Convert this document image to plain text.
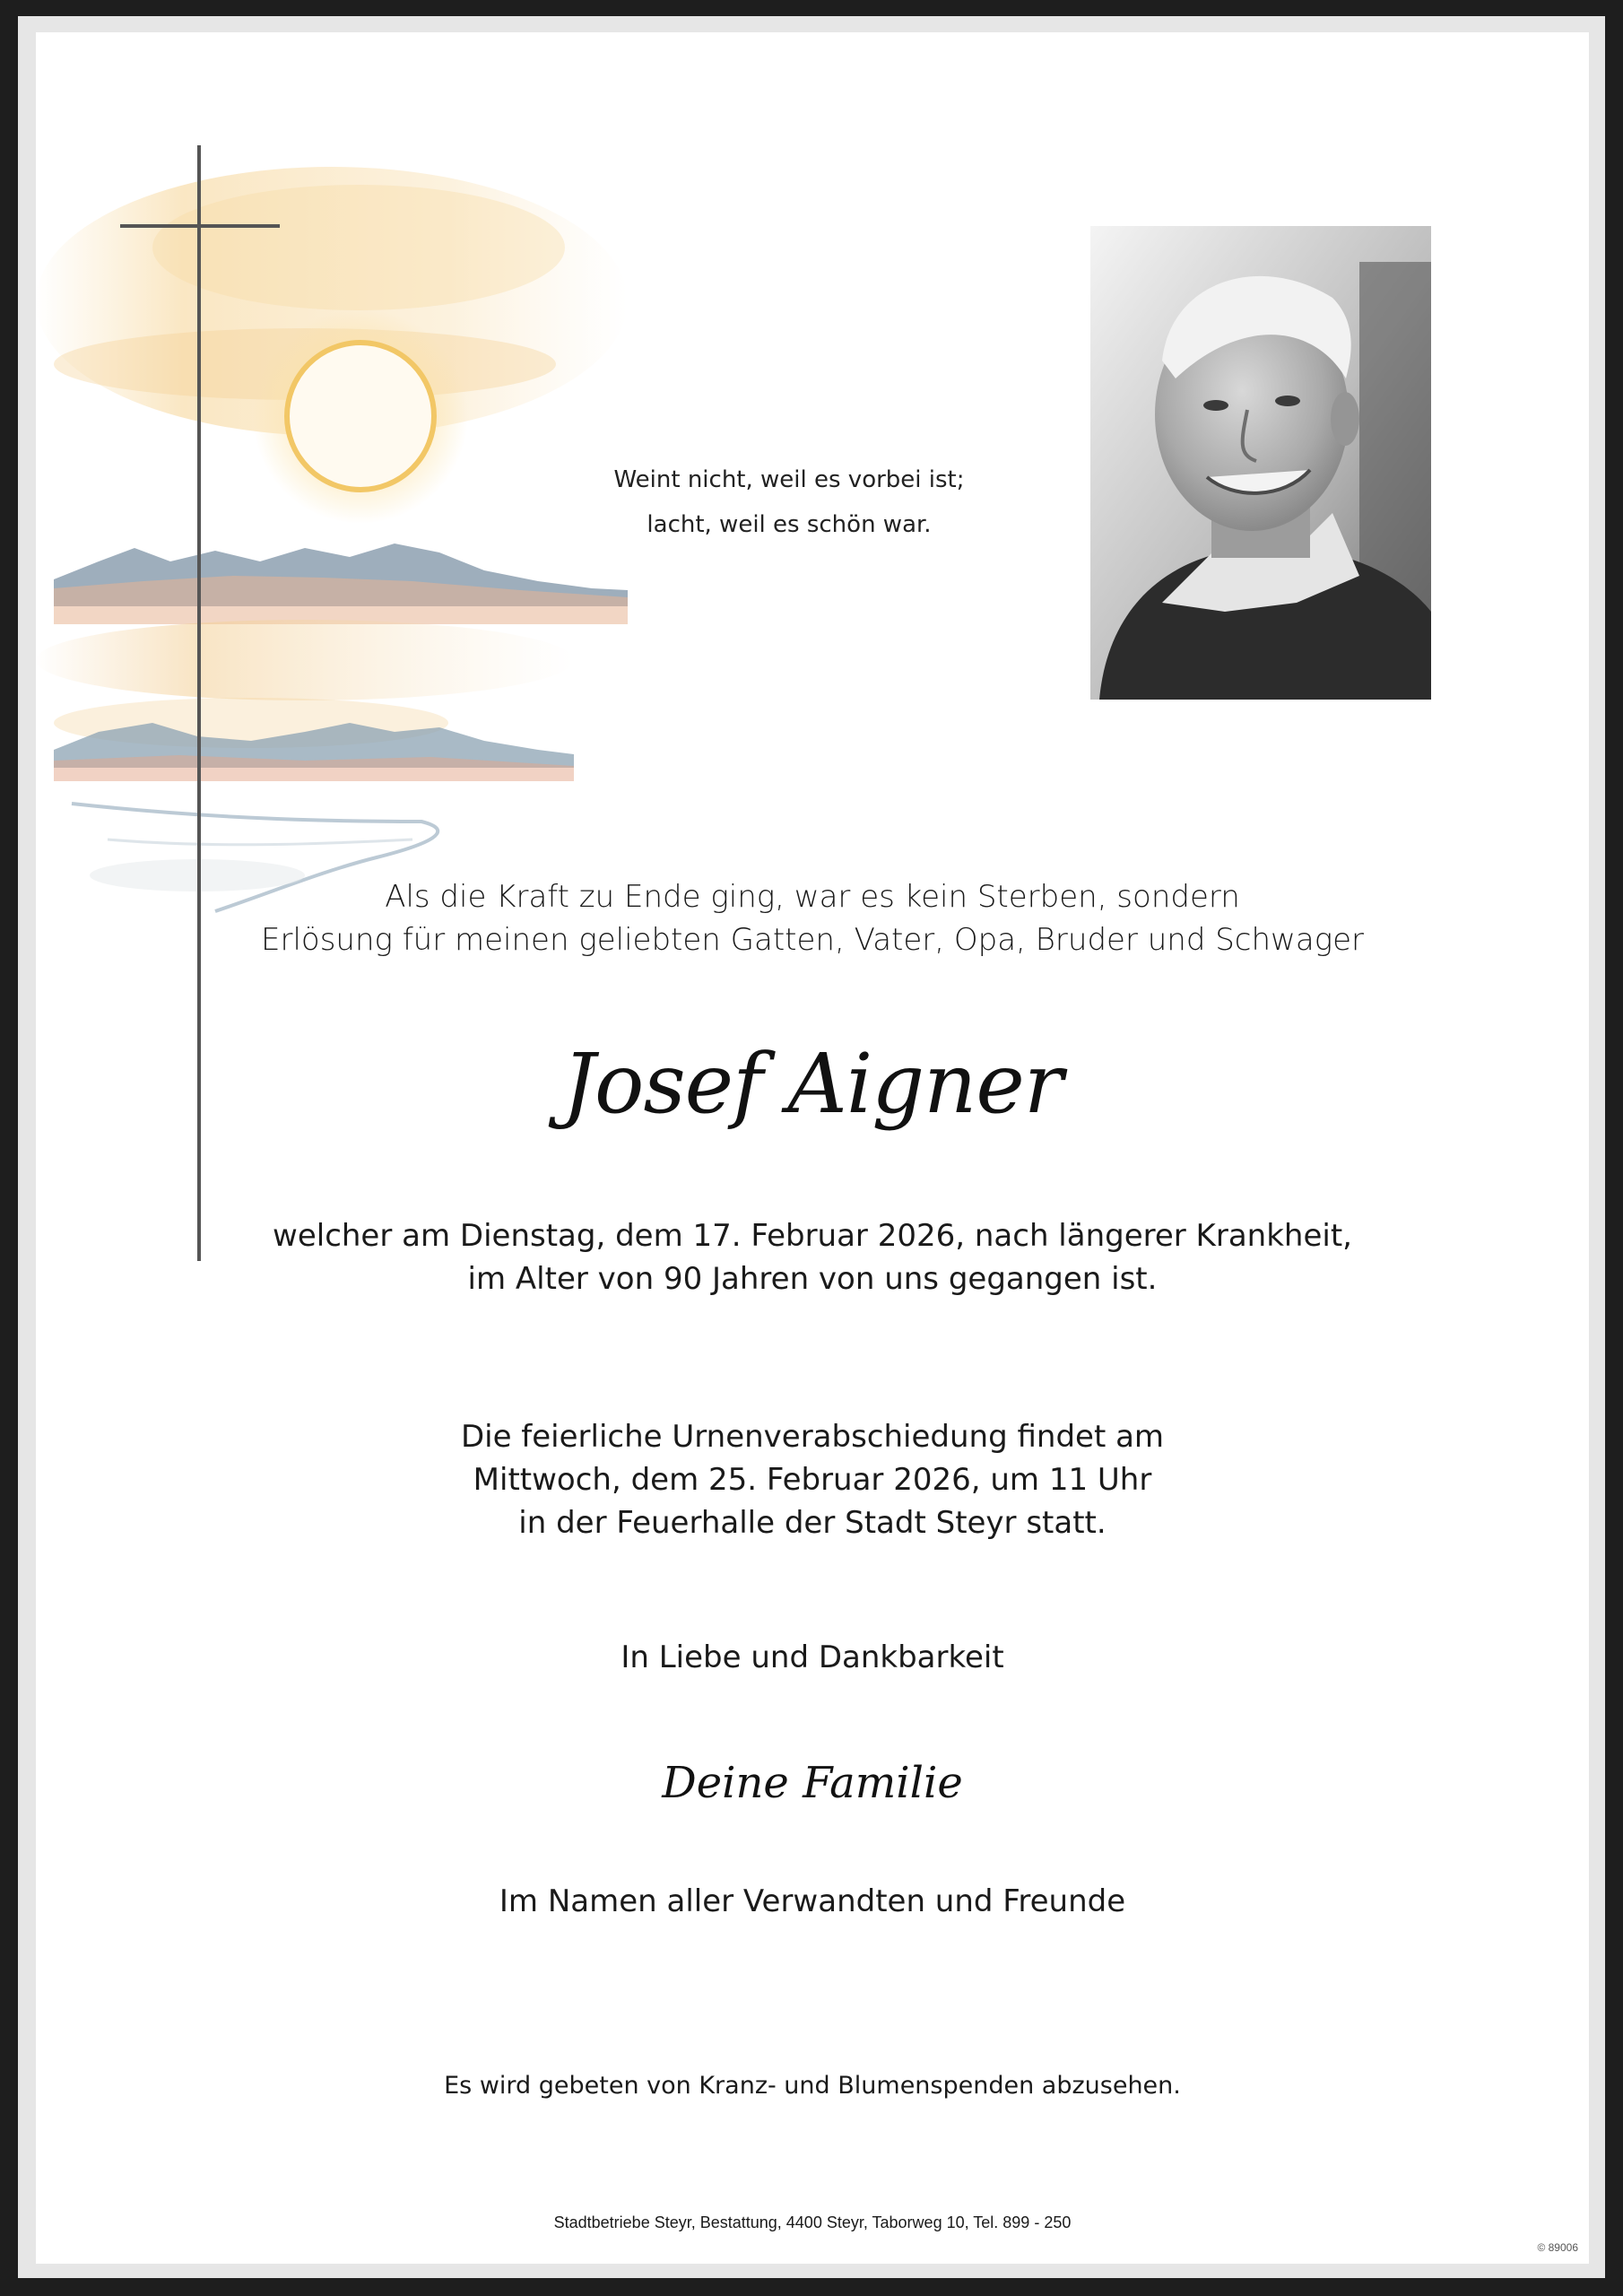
Weint nicht, weil es vorbei ist;
lacht, weil es schön war.
Als die Kraft zu Ende ging, war es kein Sterben, sondern
Erlösung für meinen geliebten Gatten, Vater, Opa, Bruder und Schwager
Josef Aigner
welcher am Dienstag, dem 17. Februar 2026, nach längerer Krankheit,
im Alter von 90 Jahren von uns gegangen ist.
Die feierliche Urnenverabschiedung findet am
Mittwoch, dem 25. Februar 2026, um 11 Uhr
in der Feuerhalle der Stadt Steyr statt.
In Liebe und Dankbarkeit
Deine Familie
Im Namen aller Verwandten und Freunde
Es wird gebeten von Kranz- und Blumenspenden abzusehen.
Stadtbetriebe Steyr, Bestattung, 4400 Steyr, Taborweg 10, Tel. 899 - 250
© 89006
